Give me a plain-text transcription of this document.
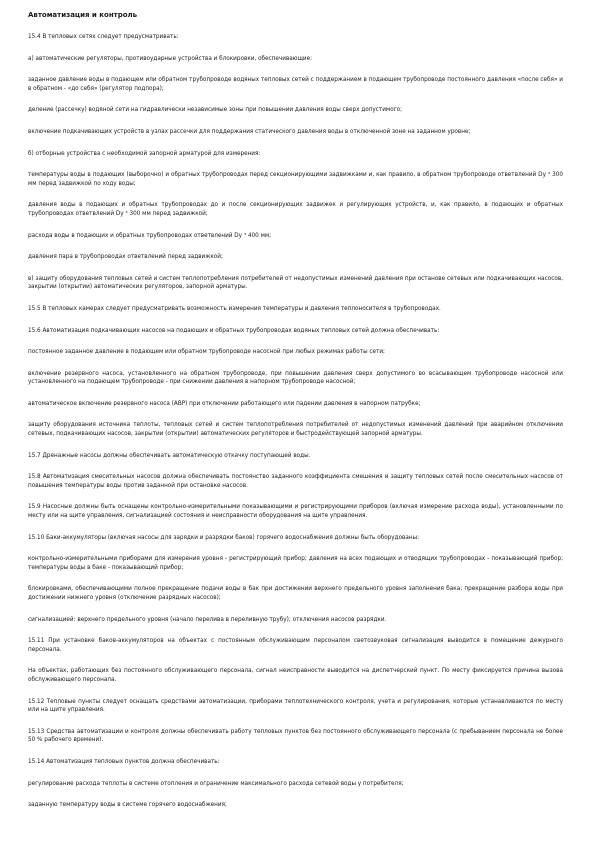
Автоматизация и контроль

15.4 В тепловых сетях следует предусматривать:

а) автоматические регуляторы, противоударные устройства и блокировки, обеспечивающие:

заданное давление воды в подающем или обратном трубопроводе водяных тепловых сетей с поддержанием в подающем трубопроводе постоянного давления «после себя» и в обратном - «до себя» (регулятор подпора);

деление (рассечку) водяной сети на гидравлически независимые зоны при повышении давления воды сверх допустимого;

включение подкачивающих устройств в узлах рассечки для поддержания статического давления воды в отключенной зоне на заданном уровне;

б) отборные устройства с необходимой запорной арматурой для измерения:

температуры воды в подающих (выборочно) и обратных трубопроводах перед секционирующими задвижками и, как правило, в обратном трубопроводе ответвлений Dy ³ 300 мм перед задвижкой по ходу воды;

давления воды в подающих и обратных трубопроводах до и после секционирующих задвижек и регулирующих устройств, и, как правило, в подающих и обратных трубопроводах ответвлений Dy ³ 300 мм перед задвижкой;

расхода воды в подающих и обратных трубопроводах ответвлений Dy ³ 400 мм;

давления пара в трубопроводах ответвлений перед задвижкой;

в) защиту оборудования тепловых сетей и систем теплопотребления потребителей от недопустимых изменений давления при останове сетевых или подкачивающих насосов, закрытии (открытии) автоматических регуляторов, запорной арматуры.

15.5 В тепловых камерах следует предусматривать возможность измерения температуры и давления теплоносителя в трубопроводах.

15.6 Автоматизация подкачивающих насосов на подающих и обратных трубопроводах водяных тепловых сетей должна обеспечивать:

постоянное заданное давление в подающем или обратном трубопроводе насосной при любых режимах работы сети;

включение резервного насоса, установленного на обратном трубопроводе, при повышении давления сверх допустимого во всасывающем трубопроводе насосной или установленного на подающем трубопроводе - при снижении давления в напорном трубопроводе насосной;

автоматическое включение резервного насоса (АВР) при отключении работающего или падении давления в напорном патрубке;

защиту оборудования источника теплоты, тепловых сетей и систем теплопотребления потребителей от недопустимых изменений давлений при аварийном отключении сетевых, подкачивающих насосов, закрытии (открытии) автоматических регуляторов и быстродействующей запорной арматуры.

15.7 Дренажные насосы должны обеспечивать автоматическую откачку поступающей воды.

15.8 Автоматизация смесительных насосов должна обеспечивать постоянство заданного коэффициента смешения и защиту тепловых сетей после смесительных насосов от повышения температуры воды против заданной при остановке насосов.

15.9 Насосные должны быть оснащены контрольно-измерительными показывающими и регистрирующими приборов (включая измерение расхода воды), установленными по месту или на щите управления, сигнализацией состояния и неисправности оборудования на щите управления.

15.10 Баки-аккумуляторы (включая насосы для зарядки и разрядки баков) горячего водоснабжения должны быть оборудованы:

контрольно-измерительными приборами для измерения уровня - регистрирующий прибор; давления на всех подающих и отводящих трубопроводах - показывающий прибор; температуры воды в баке - показывающий прибор;

блокировками, обеспечивающими полное прекращение подачи воды в бак при достижении верхнего предельного уровня заполнения бака; прекращение разбора воды при достижении нижнего уровня (отключение разрядных насосов);

сигнализацией: верхнего предельного уровня (начало перелива в переливную трубу); отключения насосов разрядки.

15.11 При установке баков-аккумуляторов на объектах с постоянным обслуживающим персоналом светозвуковая сигнализация выводится в помещение дежурного персонала.

На объектах, работающих без постоянного обслуживающего персонала, сигнал неисправности выводится на диспетчерский пункт. По месту фиксируется причина вызова обслуживающего персонала.

15.12 Тепловые пункты следует оснащать средствами автоматизации, приборами теплотехнического контроля, учета и регулирования, которые устанавливаются по месту или на щите управления.

15.13 Средства автоматизации и контроля должны обеспечивать работу тепловых пунктов без постоянного обслуживающего персонала (с пребыванием персонала не более 50 % рабочего времени).

15.14 Автоматизация тепловых пунктов должна обеспечивать:

регулирование расхода теплоты в системе отопления и ограничение максимального расхода сетевой воды у потребителя;

заданную температуру воды в системе горячего водоснабжения;
